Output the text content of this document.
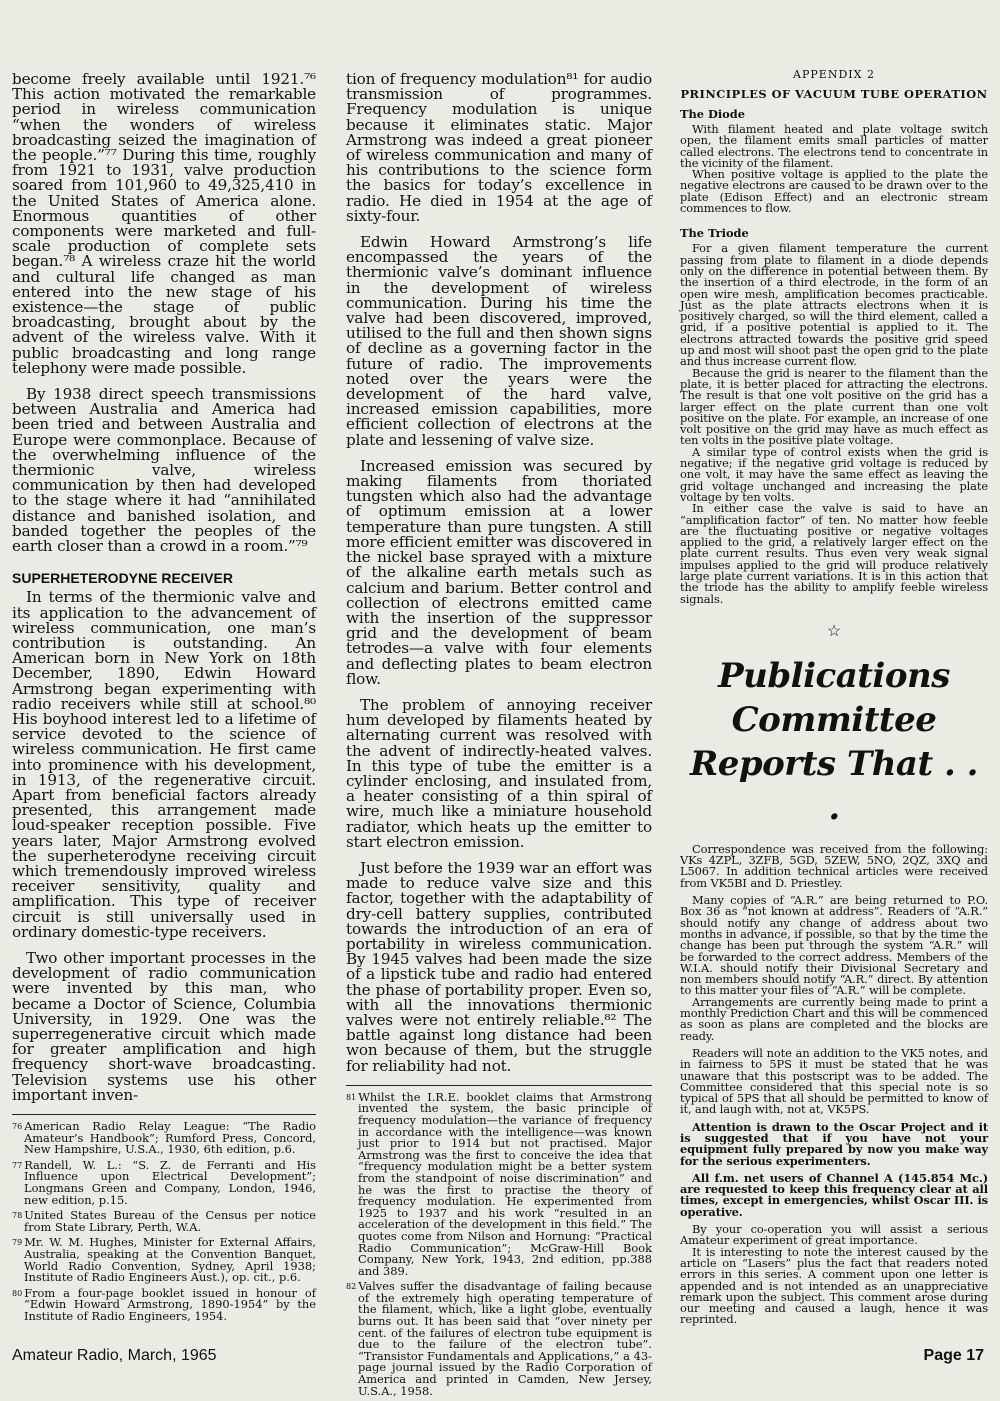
become freely available until 1921.⁷⁶ This action motivated the remarkable period in wireless communication “when the wonders of wireless broadcasting seized the imagination of the people.”⁷⁷ During this time, roughly from 1921 to 1931, valve production soared from 101,960 to 49,325,410 in the United States of America alone. Enormous quantities of other components were marketed and full-scale production of complete sets began.⁷⁸ A wireless craze hit the world and cultural life changed as man entered into the new stage of his existence—the stage of public broadcasting, brought about by the advent of the wireless valve. With it public broadcasting and long range telephony were made possible.

By 1938 direct speech transmissions between Australia and America had been tried and between Australia and Europe were commonplace. Because of the overwhelming influence of the thermionic valve, wireless communication by then had developed to the stage where it had “annihilated distance and banished isolation, and banded together the peoples of the earth closer than a crowd in a room.”⁷⁹

SUPERHETERODYNE RECEIVER

In terms of the thermionic valve and its application to the advancement of wireless communication, one man’s contribution is outstanding. An American born in New York on 18th December, 1890, Edwin Howard Armstrong began experimenting with radio receivers while still at school.⁸⁰ His boyhood interest led to a lifetime of service devoted to the science of wireless communication. He first came into prominence with his development, in 1913, of the regenerative circuit. Apart from beneficial factors already presented, this arrangement made loud-speaker reception possible. Five years later, Major Armstrong evolved the superheterodyne receiving circuit which tremendously improved wireless receiver sensitivity, quality and amplification. This type of receiver circuit is still universally used in ordinary domestic-type receivers.

Two other important processes in the development of radio communication were invented by this man, who became a Doctor of Science, Columbia University, in 1929. One was the superregenerative circuit which made for greater amplification and high frequency short-wave broadcasting. Television systems use his other important inven-

$^{76}$ American Radio Relay League: “The Radio Amateur’s Handbook”; Rumford Press, Concord, New Hampshire, U.S.A., 1930, 6th edition, p.6.

$^{77}$ Randell, W. L.: “S. Z. de Ferranti and His Influence upon Electrical Development”; Longmans Green and Company, London, 1946, new edition, p.15.

$^{78}$ United States Bureau of the Census per notice from State Library, Perth, W.A.

$^{79}$ Mr. W. M. Hughes, Minister for External Affairs, Australia, speaking at the Convention Banquet, World Radio Convention, Sydney, April 1938; Institute of Radio Engineers Aust.), op. cit., p.6.

$^{80}$ From a four-page booklet issued in honour of “Edwin Howard Armstrong, 1890-1954” by the Institute of Radio Engineers, 1954.

tion of frequency modulation⁸¹ for audio transmission of programmes. Frequency modulation is unique because it eliminates static. Major Armstrong was indeed a great pioneer of wireless communication and many of his contributions to the science form the basics for today’s excellence in radio. He died in 1954 at the age of sixty-four.

Edwin Howard Armstrong’s life encompassed the years of the thermionic valve’s dominant influence in the development of wireless communication. During his time the valve had been discovered, improved, utilised to the full and then shown signs of decline as a governing factor in the future of radio. The improvements noted over the years were the development of the hard valve, increased emission capabilities, more efficient collection of electrons at the plate and lessening of valve size.

Increased emission was secured by making filaments from thoriated tungsten which also had the advantage of optimum emission at a lower temperature than pure tungsten. A still more efficient emitter was discovered in the nickel base sprayed with a mixture of the alkaline earth metals such as calcium and barium. Better control and collection of electrons emitted came with the insertion of the suppressor grid and the development of beam tetrodes—a valve with four elements and deflecting plates to beam electron flow.

The problem of annoying receiver hum developed by filaments heated by alternating current was resolved with the advent of indirectly-heated valves. In this type of tube the emitter is a cylinder enclosing, and insulated from, a heater consisting of a thin spiral of wire, much like a miniature household radiator, which heats up the emitter to start electron emission.

Just before the 1939 war an effort was made to reduce valve size and this factor, together with the adaptability of dry-cell battery supplies, contributed towards the introduction of an era of portability in wireless communication. By 1945 valves had been made the size of a lipstick tube and radio had entered the phase of portability proper. Even so, with all the innovations thermionic valves were not entirely reliable.⁸² The battle against long distance had been won because of them, but the struggle for reliability had not.

$^{81}$ Whilst the I.R.E. booklet claims that Armstrong invented the system, the basic principle of frequency modulation—the variance of frequency in accordance with the intelligence—was known just prior to 1914 but not practised. Major Armstrong was the first to conceive the idea that “frequency modulation might be a better system from the standpoint of noise discrimination” and he was the first to practise the theory of frequency modulation. He experimented from 1925 to 1937 and his work “resulted in an acceleration of the development in this field.” The quotes come from Nilson and Hornung: “Practical Radio Communication”; McGraw-Hill Book Company, New York, 1943, 2nd edition, pp.388 and 389.

$^{82}$ Valves suffer the disadvantage of failing because of the extremely high operating temperature of the filament, which, like a light globe, eventually burns out. It has been said that “over ninety per cent. of the failures of electron tube equipment is due to the failure of the electron tube”. “Transistor Fundamentals and Applications,” a 43-page journal issued by the Radio Corporation of America and printed in Camden, New Jersey, U.S.A., 1958.

APPENDIX 2

PRINCIPLES OF VACUUM TUBE OPERATION

The Diode

With filament heated and plate voltage switch open, the filament emits small particles of matter called electrons. The electrons tend to concentrate in the vicinity of the filament.

When positive voltage is applied to the plate the negative electrons are caused to be drawn over to the plate (Edison Effect) and an electronic stream commences to flow.

The Triode

For a given filament temperature the current passing from plate to filament in a diode depends only on the difference in potential between them. By the insertion of a third electrode, in the form of an open wire mesh, amplification becomes practicable. Just as the plate attracts electrons when it is positively charged, so will the third element, called a grid, if a positive potential is applied to it. The electrons attracted towards the positive grid speed up and most will shoot past the open grid to the plate and thus increase current flow.

Because the grid is nearer to the filament than the plate, it is better placed for attracting the electrons. The result is that one volt positive on the grid has a larger effect on the plate current than one volt positive on the plate. For example, an increase of one volt positive on the grid may have as much effect as ten volts in the positive plate voltage.

A similar type of control exists when the grid is negative; if the negative grid voltage is reduced by one volt, it may have the same effect as leaving the grid voltage unchanged and increasing the plate voltage by ten volts.

In either case the valve is said to have an “amplification factor” of ten. No matter how feeble are the fluctuating positive or negative voltages applied to the grid, a relatively larger effect on the plate current results. Thus even very weak signal impulses applied to the grid will produce relatively large plate current variations. It is in this action that the triode has the ability to amplify feeble wireless signals.

☆
Publications Committee
Reports That . . .

Correspondence was received from the following: VKs 4ZPL, 3ZFB, 5GD, 5ZEW, 5NO, 2QZ, 3XQ and L5067. In addition technical articles were received from VK5BI and D. Priestley.

Many copies of “A.R.” are being returned to P.O. Box 36 as “not known at address”. Readers of “A.R.” should notify any change of address about two months in advance, if possible, so that by the time the change has been put through the system “A.R.” will be forwarded to the correct address. Members of the W.I.A. should notify their Divisional Secretary and non members should notify “A.R.” direct. By attention to this matter your files of “A.R.” will be complete.

Arrangements are currently being made to print a monthly Prediction Chart and this will be commenced as soon as plans are completed and the blocks are ready.

Readers will note an addition to the VK5 notes, and in fairness to 5PS it must be stated that he was unaware that this postscript was to be added. The Committee considered that this special note is so typical of 5PS that all should be permitted to know of it, and laugh with, not at, VK5PS.

Attention is drawn to the Oscar Project and it is suggested that if you have not your equipment fully prepared by now you make way for the serious experimenters.

All f.m. net users of Channel A (145.854 Mc.) are requested to keep this frequency clear at all times, except in emergencies, whilst Oscar III. is operative.

By your co-operation you will assist a serious Amateur experiment of great importance.

It is interesting to note the interest caused by the article on “Lasers” plus the fact that readers noted errors in this series. A comment upon one letter is appended and is not intended as an unappreciative remark upon the subject. This comment arose during our meeting and caused a laugh, hence it was reprinted.

Amateur Radio, March, 1965	Page 17
